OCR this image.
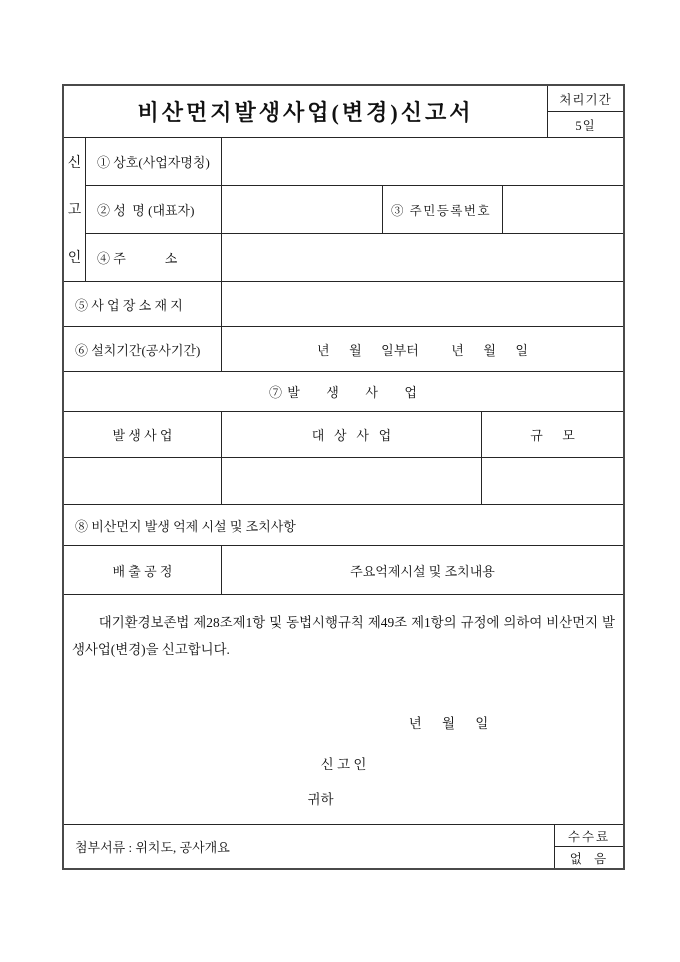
비산먼지발생사업(변경)신고서
처리기간
5일
신
고
인
① 상호(사업자명칭)
② 성  명 (대표자)	③ 주민등록번호
④ 주            소
⑤ 사 업 장 소 재 지
⑥ 설치기간(공사기간)	년      월      일부터          년      월      일
⑦ 발      생      사      업
발 생 사 업	대   상   사   업	규      모
⑧ 비산먼지 발생 억제 시설 및 조치사항
배 출 공 정	주요억제시설 및 조치내용
대기환경보존법 제28조제1항 및 동법시행규칙 제49조 제1항의 규정에 의하여 비산먼지 발생사업(변경)을 신고합니다.
년      월      일
신 고 인
귀하
첨부서류 : 위치도, 공사개요
수수료
없  음
